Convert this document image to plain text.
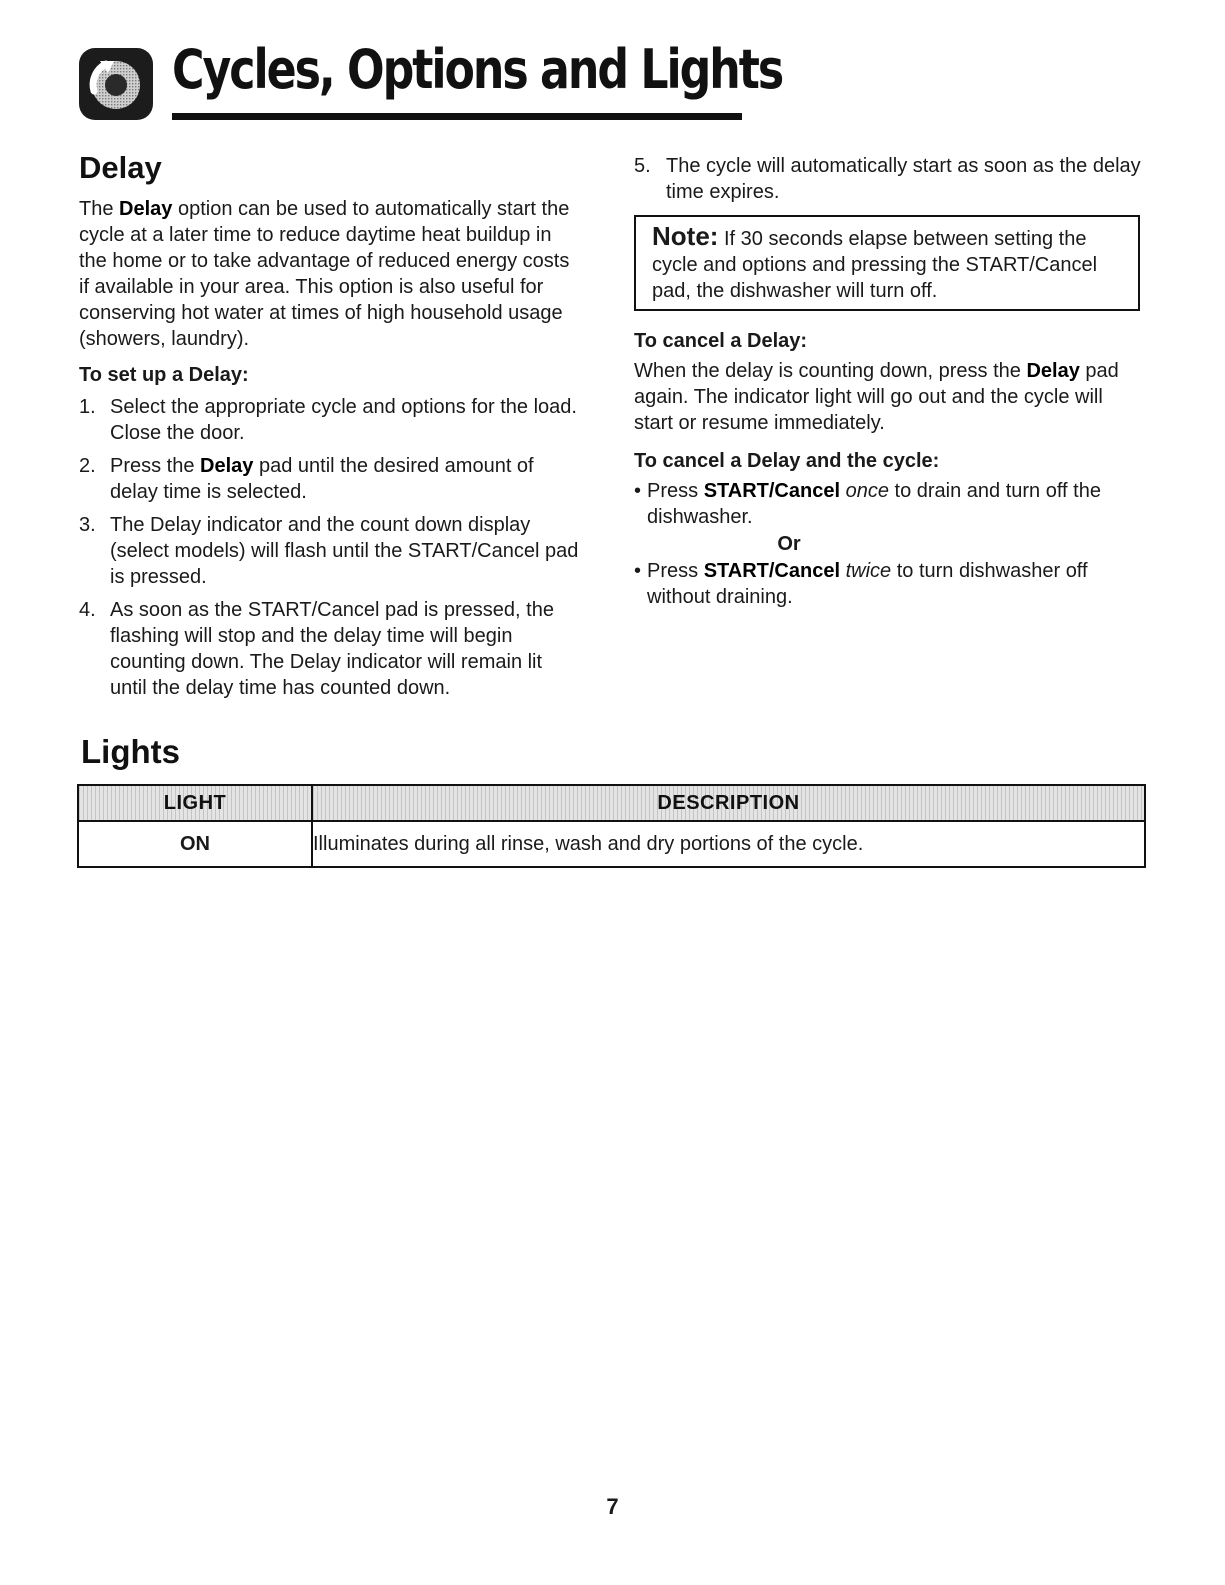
Cycles, Options and Lights
Delay

The Delay option can be used to automatically start the cycle at a later time to reduce daytime heat buildup in the home or to take advantage of reduced energy costs if available in your area. This option is also useful for conserving hot water at times of high household usage (showers, laundry).

To set up a Delay:

1. Select the appropriate cycle and options for the load. Close the door.
2. Press the Delay pad until the desired amount of delay time is selected.
3. The Delay indicator and the count down display (select models) will flash until the START/Cancel pad is pressed.
4. As soon as the START/Cancel pad is pressed, the flashing will stop and the delay time will begin counting down. The Delay indicator will remain lit until the delay time has counted down.
5. The cycle will automatically start as soon as the delay time expires.

Note: If 30 seconds elapse between setting the cycle and options and pressing the START/Cancel pad, the dishwasher will turn off.

To cancel a Delay:

When the delay is counting down, press the Delay pad again. The indicator light will go out and the cycle will start or resume immediately.

To cancel a Delay and the cycle:

• Press START/Cancel once to drain and turn off the dishwasher.
Or
• Press START/Cancel twice to turn dishwasher off without draining.
Lights
LIGHT	DESCRIPTION
ON	Illuminates during all rinse, wash and dry portions of the cycle.
7
